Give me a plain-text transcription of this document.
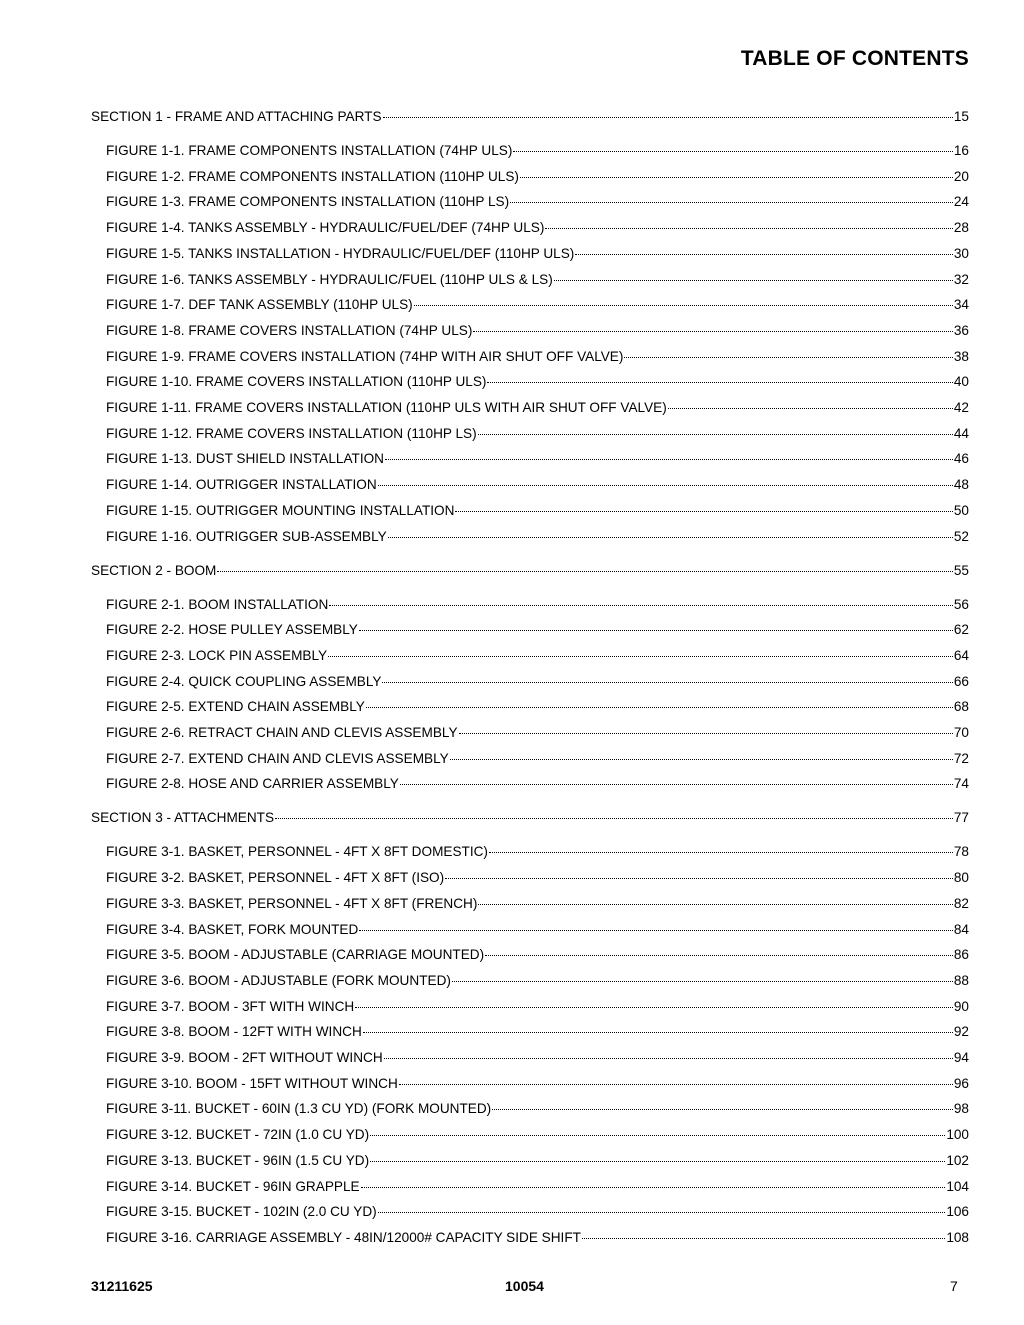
TABLE OF CONTENTS
SECTION 1 - FRAME AND ATTACHING PARTS	15
FIGURE 1-1. FRAME COMPONENTS INSTALLATION (74HP ULS)	16
FIGURE 1-2. FRAME COMPONENTS INSTALLATION (110HP ULS)	20
FIGURE 1-3. FRAME COMPONENTS INSTALLATION (110HP LS)	24
FIGURE 1-4. TANKS ASSEMBLY - HYDRAULIC/FUEL/DEF (74HP ULS)	28
FIGURE 1-5. TANKS INSTALLATION - HYDRAULIC/FUEL/DEF (110HP ULS)	30
FIGURE 1-6. TANKS ASSEMBLY - HYDRAULIC/FUEL (110HP ULS & LS)	32
FIGURE 1-7. DEF TANK ASSEMBLY (110HP ULS)	34
FIGURE 1-8. FRAME COVERS INSTALLATION (74HP ULS)	36
FIGURE 1-9. FRAME COVERS INSTALLATION (74HP WITH AIR SHUT OFF VALVE)	38
FIGURE 1-10. FRAME COVERS INSTALLATION (110HP ULS)	40
FIGURE 1-11. FRAME COVERS INSTALLATION (110HP ULS WITH AIR SHUT OFF VALVE)	42
FIGURE 1-12. FRAME COVERS INSTALLATION (110HP LS)	44
FIGURE 1-13. DUST SHIELD INSTALLATION	46
FIGURE 1-14. OUTRIGGER INSTALLATION	48
FIGURE 1-15. OUTRIGGER MOUNTING INSTALLATION	50
FIGURE 1-16. OUTRIGGER SUB-ASSEMBLY	52
SECTION 2 - BOOM	55
FIGURE 2-1. BOOM INSTALLATION	56
FIGURE 2-2. HOSE PULLEY ASSEMBLY	62
FIGURE 2-3. LOCK PIN ASSEMBLY	64
FIGURE 2-4. QUICK COUPLING ASSEMBLY	66
FIGURE 2-5. EXTEND CHAIN ASSEMBLY	68
FIGURE 2-6. RETRACT CHAIN AND CLEVIS ASSEMBLY	70
FIGURE 2-7. EXTEND CHAIN AND CLEVIS ASSEMBLY	72
FIGURE 2-8. HOSE AND CARRIER ASSEMBLY	74
SECTION 3 - ATTACHMENTS	77
FIGURE 3-1. BASKET, PERSONNEL - 4FT X 8FT DOMESTIC)	78
FIGURE 3-2. BASKET, PERSONNEL - 4FT X 8FT (ISO)	80
FIGURE 3-3. BASKET, PERSONNEL - 4FT X 8FT (FRENCH)	82
FIGURE 3-4. BASKET, FORK MOUNTED	84
FIGURE 3-5. BOOM - ADJUSTABLE (CARRIAGE MOUNTED)	86
FIGURE 3-6. BOOM - ADJUSTABLE (FORK MOUNTED)	88
FIGURE 3-7. BOOM - 3FT WITH WINCH	90
FIGURE 3-8. BOOM - 12FT WITH WINCH	92
FIGURE 3-9. BOOM - 2FT WITHOUT WINCH	94
FIGURE 3-10. BOOM - 15FT WITHOUT WINCH	96
FIGURE 3-11. BUCKET - 60IN (1.3 CU YD) (FORK MOUNTED)	98
FIGURE 3-12. BUCKET - 72IN (1.0 CU YD)	100
FIGURE 3-13. BUCKET - 96IN (1.5 CU YD)	102
FIGURE 3-14. BUCKET - 96IN GRAPPLE	104
FIGURE 3-15. BUCKET - 102IN (2.0 CU YD)	106
FIGURE 3-16. CARRIAGE ASSEMBLY - 48IN/12000# CAPACITY SIDE SHIFT	108
31211625	10054	7
